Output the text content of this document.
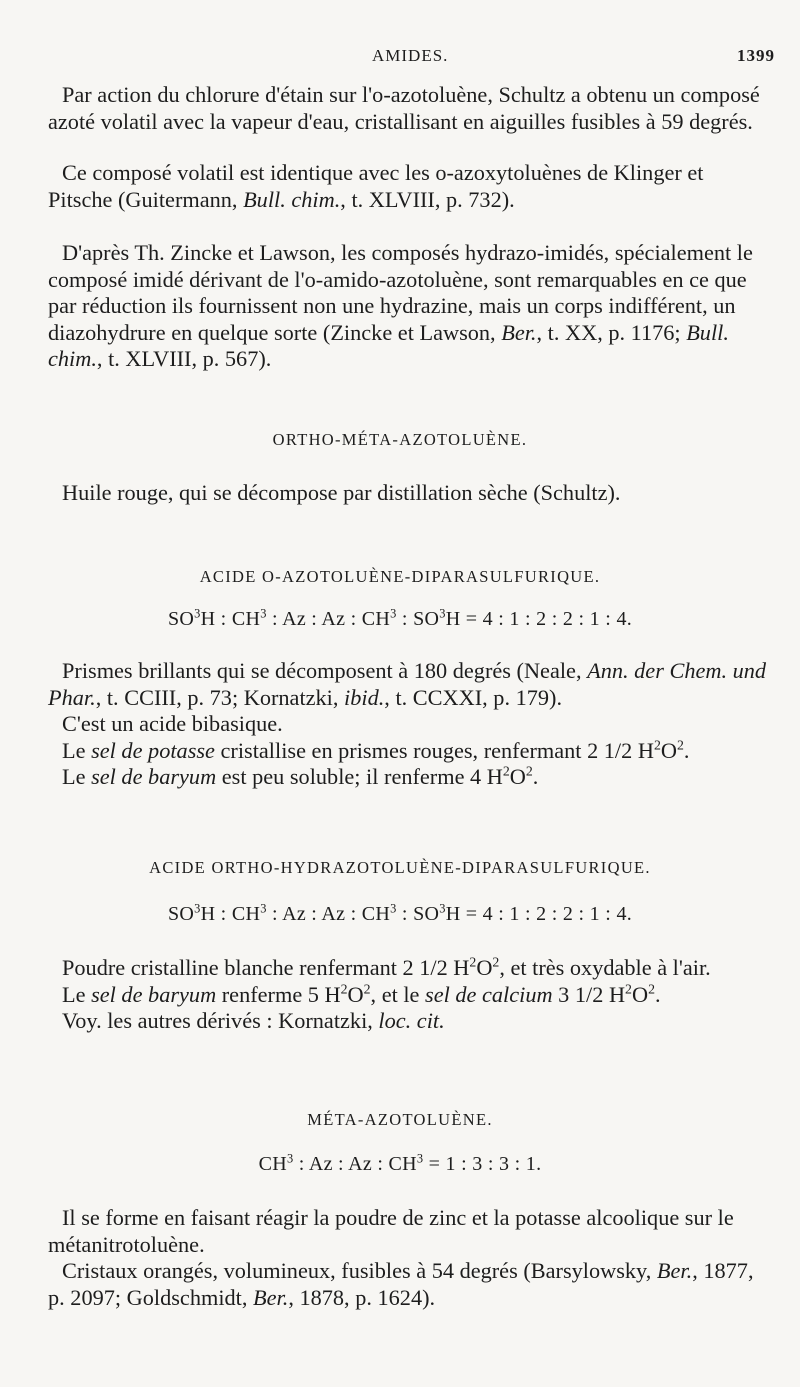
AMIDES.	1399

Par action du chlorure d'étain sur l'o-azotoluène, Schultz a obtenu un composé azoté volatil avec la vapeur d'eau, cristallisant en aiguilles fusibles à 59 degrés.

Ce composé volatil est identique avec les o-azoxytoluènes de Klinger et Pitsche (Guitermann, Bull. chim., t. XLVIII, p. 732).

D'après Th. Zincke et Lawson, les composés hydrazo-imidés, spécialement le composé imidé dérivant de l'o-amido-azotoluène, sont remarquables en ce que par réduction ils fournissent non une hydrazine, mais un corps indifférent, un diazohydrure en quelque sorte (Zincke et Lawson, Ber., t. XX, p. 1176; Bull. chim., t. XLVIII, p. 567).

ORTHO-MÉTA-AZOTOLUÈNE.

Huile rouge, qui se décompose par distillation sèche (Schultz).

ACIDE O-AZOTOLUÈNE-DIPARASULFURIQUE.
$SO^3H$ : $CH^3$ : Az : Az : $CH^3$ : $SO^3H = 4$ : 1 : 2 : 2 : 1 : 4.

Prismes brillants qui se décomposent à 180 degrés (Neale, Ann. der Chem. und Phar., t. CCIII, p. 73; Kornatzki, ibid., t. CCXXI, p. 179).

C'est un acide bibasique.

Le sel de potasse cristallise en prismes rouges, renfermant 2 1/2 $H^2O^2$.

Le sel de baryum est peu soluble; il renferme 4 $H^2O^2$.

ACIDE ORTHO-HYDRAZOTOLUÈNE-DIPARASULFURIQUE.
$SO^3H$ : $CH^3$ : Az : Az : $CH^3$ : $SO^3H = 4$ : 1 : 2 : 2 : 1 : 4.

Poudre cristalline blanche renfermant 2 1/2 $H^2O^2$, et très oxydable à l'air.

Le sel de baryum renferme 5 $H^2O^2$, et le sel de calcium 3 1/2 $H^2O^2$.

Voy. les autres dérivés : Kornatzki, loc. cit.

MÉTA-AZOTOLUÈNE.
$CH^3$ : Az : Az : $CH^3 = 1$ : 3 : 3 : 1.

Il se forme en faisant réagir la poudre de zinc et la potasse alcoolique sur le métanitrotoluène.

Cristaux orangés, volumineux, fusibles à 54 degrés (Barsylowsky, Ber., 1877, p. 2097; Goldschmidt, Ber., 1878, p. 1624).
